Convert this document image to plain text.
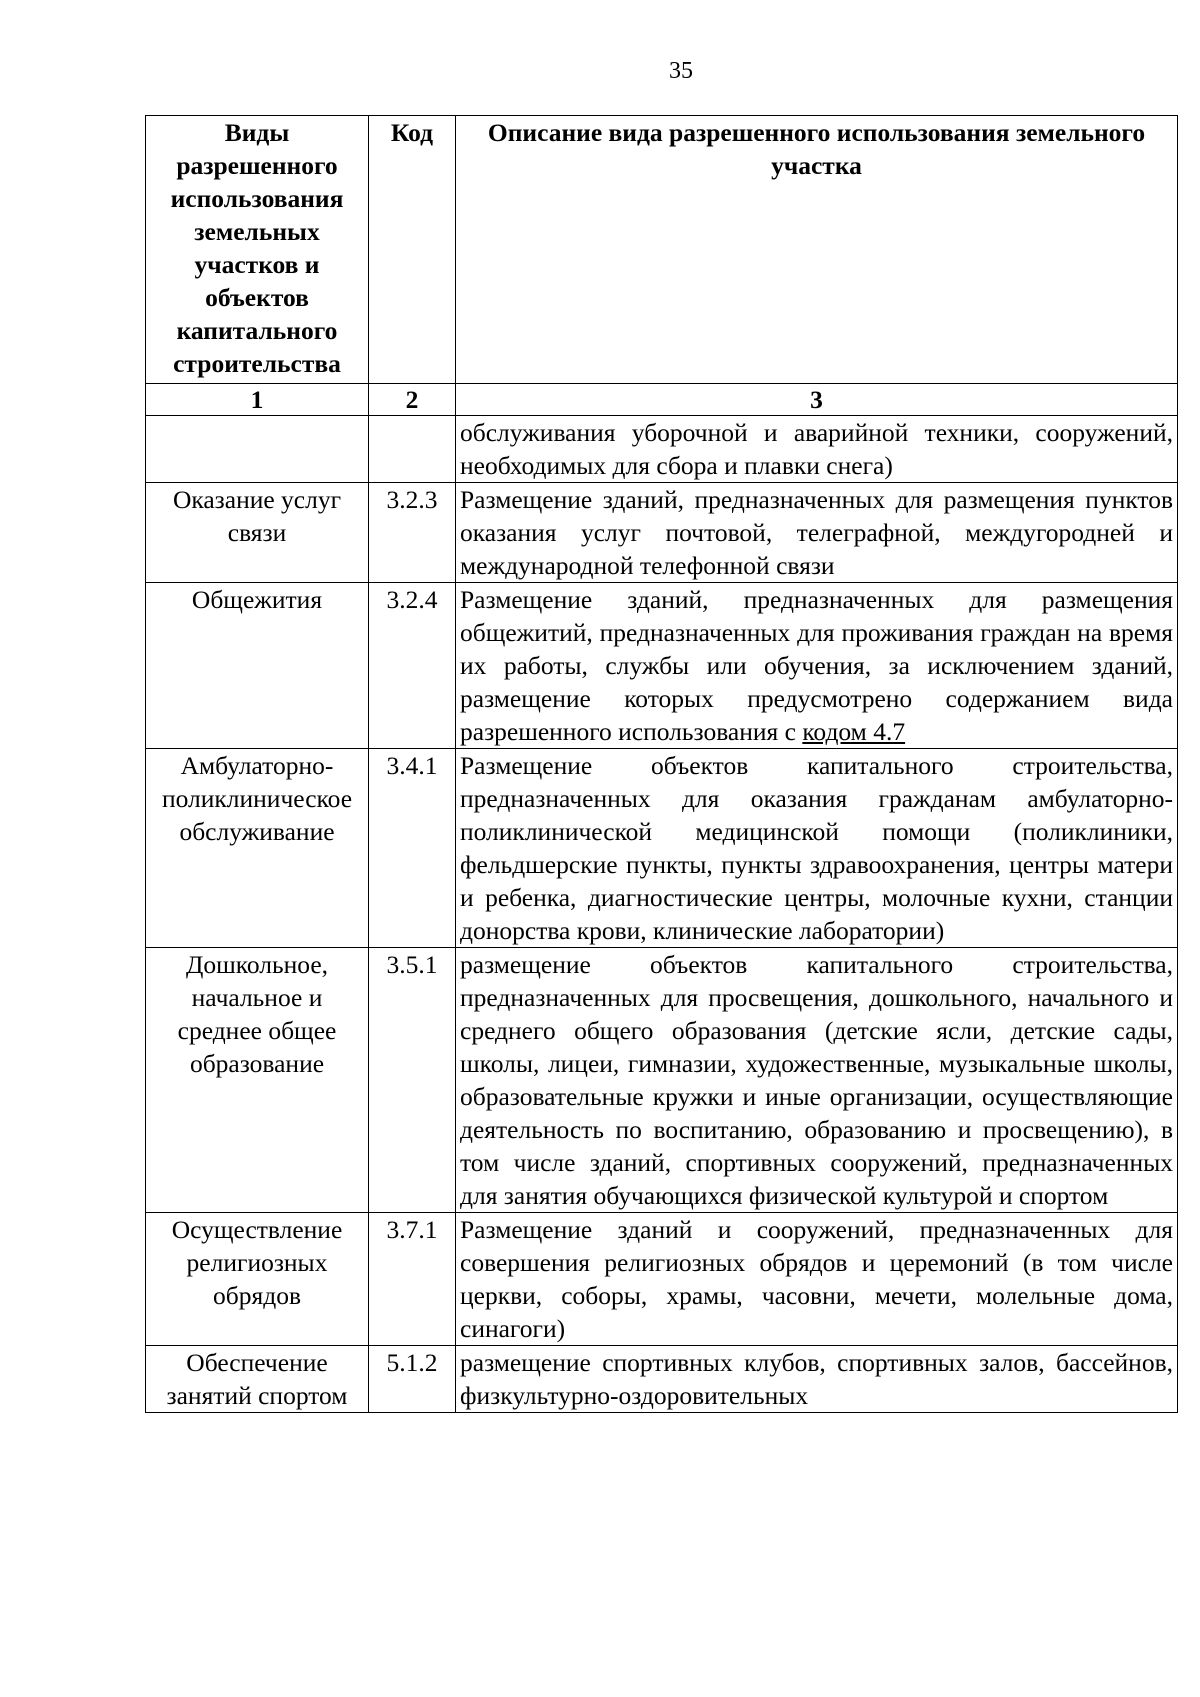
35
Виды разрешенного использования земельных участков и объектов капитального строительства	Код	Описание вида разрешенного использования земельного участка
1	2	3
		обслуживания уборочной и аварийной техники, сооружений, необходимых для сбора и плавки снега)
Оказание услуг связи	3.2.3	Размещение зданий, предназначенных для размещения пунктов оказания услуг почтовой, телеграфной, междугородней и международной телефонной связи
Общежития	3.2.4	Размещение зданий, предназначенных для размещения общежитий, предназначенных для проживания граждан на время их работы, службы или обучения, за исключением зданий, размещение которых предусмотрено содержанием вида разрешенного использования с кодом 4.7
Амбулаторно-поликлиническое обслуживание	3.4.1	Размещение объектов капитального строительства, предназначенных для оказания гражданам амбулаторно-поликлинической медицинской помощи (поликлиники, фельдшерские пункты, пункты здравоохранения, центры матери и ребенка, диагностические центры, молочные кухни, станции донорства крови, клинические лаборатории)
Дошкольное, начальное и среднее общее образование	3.5.1	размещение объектов капитального строительства, предназначенных для просвещения, дошкольного, начального и среднего общего образования (детские ясли, детские сады, школы, лицеи, гимназии, художественные, музыкальные школы, образовательные кружки и иные организации, осуществляющие деятельность по воспитанию, образованию и просвещению), в том числе зданий, спортивных сооружений, предназначенных для занятия обучающихся физической культурой и спортом
Осуществление религиозных обрядов	3.7.1	Размещение зданий и сооружений, предназначенных для совершения религиозных обрядов и церемоний (в том числе церкви, соборы, храмы, часовни, мечети, молельные дома, синагоги)
Обеспечение занятий спортом	5.1.2	размещение спортивных клубов, спортивных залов, бассейнов, физкультурно-оздоровительных
